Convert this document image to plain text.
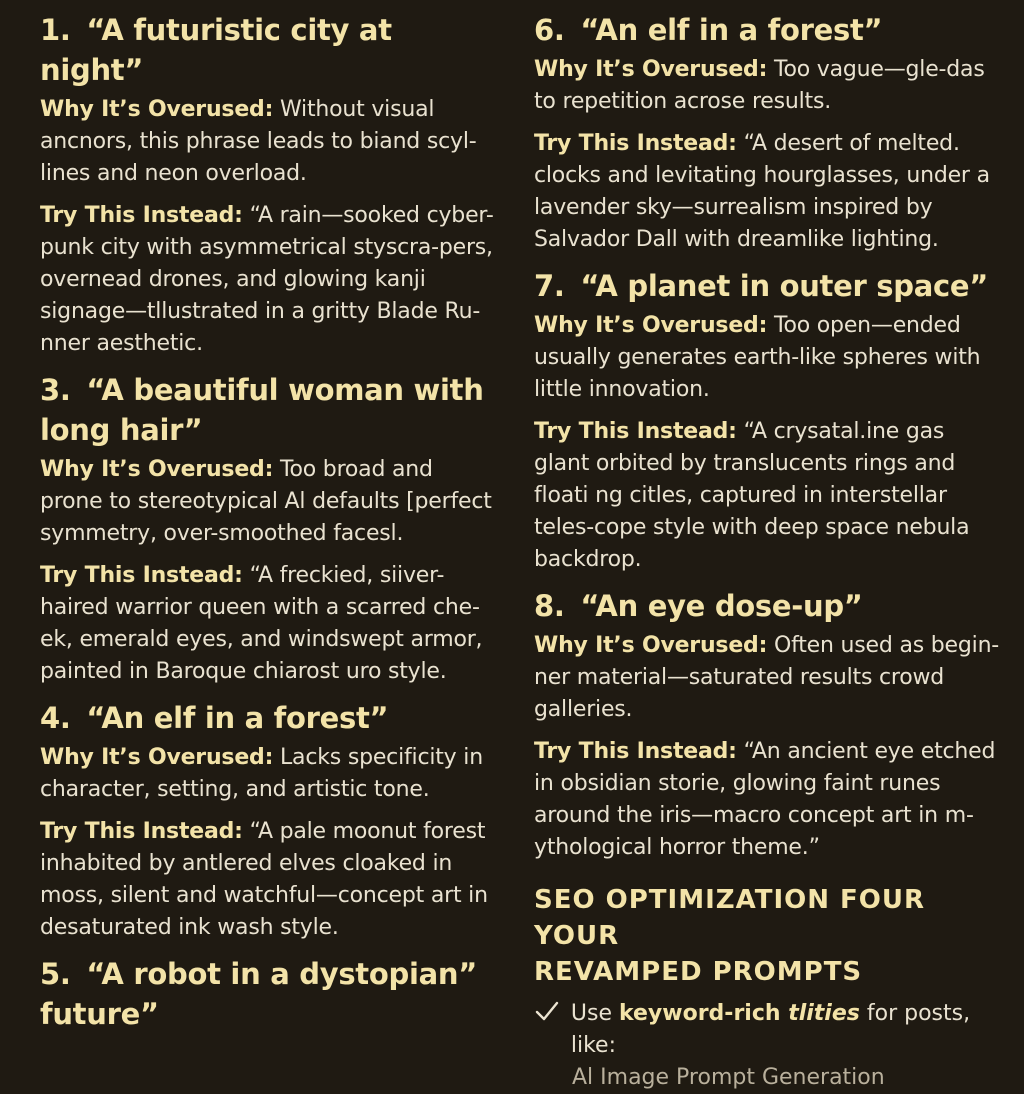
1. “A futuristic city at night”

Why It’s Overused: Without visual ancnors, this phrase leads to biand scyl-lines and neon overload.

Try This Instead: “A rain—sooked cyber-punk city with asymmetrical styscra-pers, overnead drones, and glowing kanji signage—tllustrated in a gritty Blade Ru-nner aesthetic.

3. “A beautiful woman with long hair”

Why It’s Overused: Too broad and prone to stereotypical Al defaults [perfect symmetry, over-smoothed facesl.

Try This Instead: “A freckied, siiver-haired warrior queen with a scarred che-ek, emerald eyes, and windswept armor, painted in Baroque chiarost uro style.

4. “An elf in a forest”

Why It’s Overused: Lacks specificity in character, setting, and artistic tone.

Try This Instead: “A pale moonut forest inhabited by antlered elves cloaked in moss, silent and watchful—concept art in desaturated ink wash style.

5. “A robot in a dystopian” future”
6. “An elf in a forest”

Why It’s Overused: Too vague—gle-das to repetition acrose results.

Try This Instead: “A desert of melted. clocks and levitating hourglasses, under a lavender sky—surrealism inspired by Salvador Dall with dreamlike lighting.

7. “A planet in outer space”

Why It’s Overused: Too open—ended usually generates earth-like spheres with little innovation.

Try This Instead: “A crysatal.ine gas glant orbited by translucents rings and floati ng citles, captured in interstellar teles-cope style with deep space nebula backdrop.

8. “An eye dose-up”

Why It’s Overused: Often used as begin-ner material—saturated results crowd galleries.

Try This Instead: “An ancient eye etched in obsidian storie, glowing faint runes around the iris—macro concept art in m-ythological horror theme.”

SEO OPTIMIZATION FOUR YOUR
REVAMPED PROMPTS
Use keyword-rich tlities for posts, like:
Al Image Prompt Generation
